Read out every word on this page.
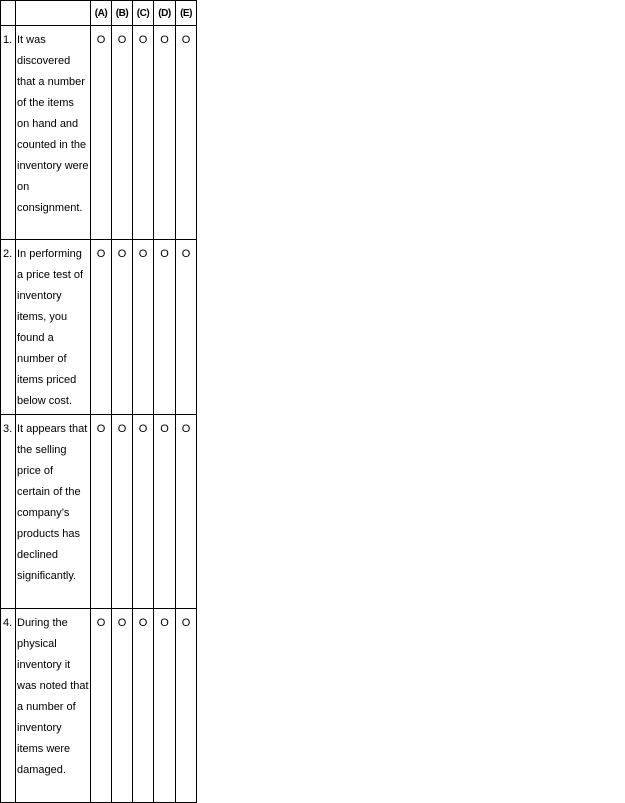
		(A)	(B)	(C)	(D)	(E)
1.	It was discovered that a number of the items on hand and counted in the inventory were on consignment.	O	O	O	O	O
2.	In performing a price test of inventory items, you found a number of items priced below cost.	O	O	O	O	O
3.	It appears that the selling price of certain of the company’s products has declined significantly.	O	O	O	O	O
4.	During the physical inventory it was noted that a number of inventory items were damaged.	O	O	O	O	O
